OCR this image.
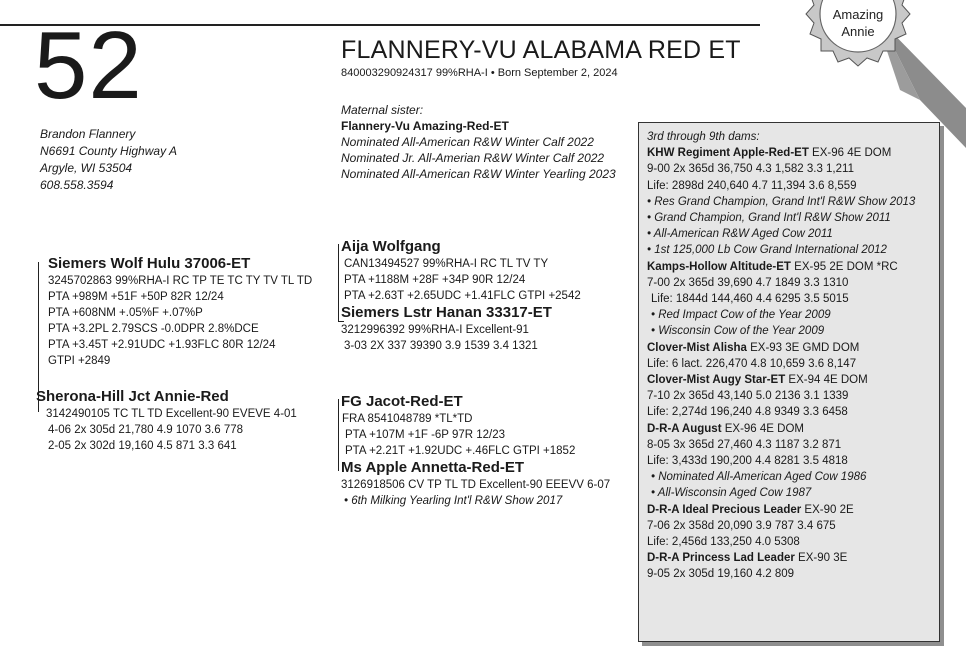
Amazing
Annie
52
Brandon Flannery
N6691 County Highway A
Argyle, WI 53504
608.558.3594
FLANNERY-VU ALABAMA RED ET
840003290924317 99%RHA-I • Born September 2, 2024
Maternal sister:
Flannery-Vu Amazing-Red-ET
Nominated All-American R&W Winter Calf 2022
Nominated Jr. All-Amerian R&W Winter Calf 2022
Nominated All-American R&W Winter Yearling 2023
Siemers Wolf Hulu 37006-ET
3245702863 99%RHA-I RC TP TE TC TY TV TL TD
PTA +989M +51F +50P 82R 12/24
PTA +608NM +.05%F +.07%P
PTA +3.2PL 2.79SCS -0.0DPR 2.8%DCE
PTA +3.45T +2.91UDC +1.93FLC 80R 12/24
GTPI +2849
Sherona-Hill Jct Annie-Red
3142490105 TC TL TD Excellent-90 EVEVE 4-01
4-06 2x 305d 21,780 4.9 1070 3.6 778
2-05 2x 302d 19,160 4.5 871 3.3 641
Aija Wolfgang
CAN13494527 99%RHA-I RC TL TV TY
PTA +1188M +28F +34P 90R 12/24
PTA +2.63T +2.65UDC +1.41FLC GTPI +2542
Siemers Lstr Hanan 33317-ET
3212996392 99%RHA-I Excellent-91
3-03 2X 337 39390 3.9 1539 3.4 1321
FG Jacot-Red-ET
FRA 8541048789 *TL*TD
PTA +107M +1F -6P 97R 12/23
PTA +2.21T +1.92UDC +.46FLC GTPI +1852
Ms Apple Annetta-Red-ET
3126918506 CV TP TL TD Excellent-90 EEEVV 6-07
• 6th Milking Yearling Int'l R&W Show 2017
3rd through 9th dams:
KHW Regiment Apple-Red-ET EX-96 4E DOM
9-00 2x 365d 36,750 4.3 1,582 3.3 1,211
Life: 2898d 240,640 4.7 11,394 3.6 8,559
• Res Grand Champion, Grand Int'l R&W Show 2013
• Grand Champion, Grand Int'l R&W Show 2011
• All-American R&W Aged Cow 2011
• 1st 125,000 Lb Cow Grand International 2012
Kamps-Hollow Altitude-ET EX-95 2E DOM *RC
7-00 2x 365d 39,690 4.7 1849 3.3 1310
Life: 1844d 144,460 4.4 6295 3.5 5015
• Red Impact Cow of the Year 2009
• Wisconsin Cow of the Year 2009
Clover-Mist Alisha EX-93 3E GMD DOM
Life: 6 lact. 226,470 4.8 10,659 3.6 8,147
Clover-Mist Augy Star-ET EX-94 4E DOM
7-10 2x 365d 43,140 5.0 2136 3.1 1339
Life: 2,274d 196,240 4.8 9349 3.3 6458
D-R-A August EX-96 4E DOM
8-05 3x 365d 27,460 4.3 1187 3.2 871
Life: 3,433d 190,200 4.4 8281 3.5 4818
• Nominated All-American Aged Cow 1986
• All-Wisconsin Aged Cow 1987
D-R-A Ideal Precious Leader EX-90 2E
7-06 2x 358d 20,090 3.9 787 3.4 675
Life: 2,456d 133,250 4.0 5308
D-R-A Princess Lad Leader EX-90 3E
9-05 2x 305d 19,160 4.2 809
